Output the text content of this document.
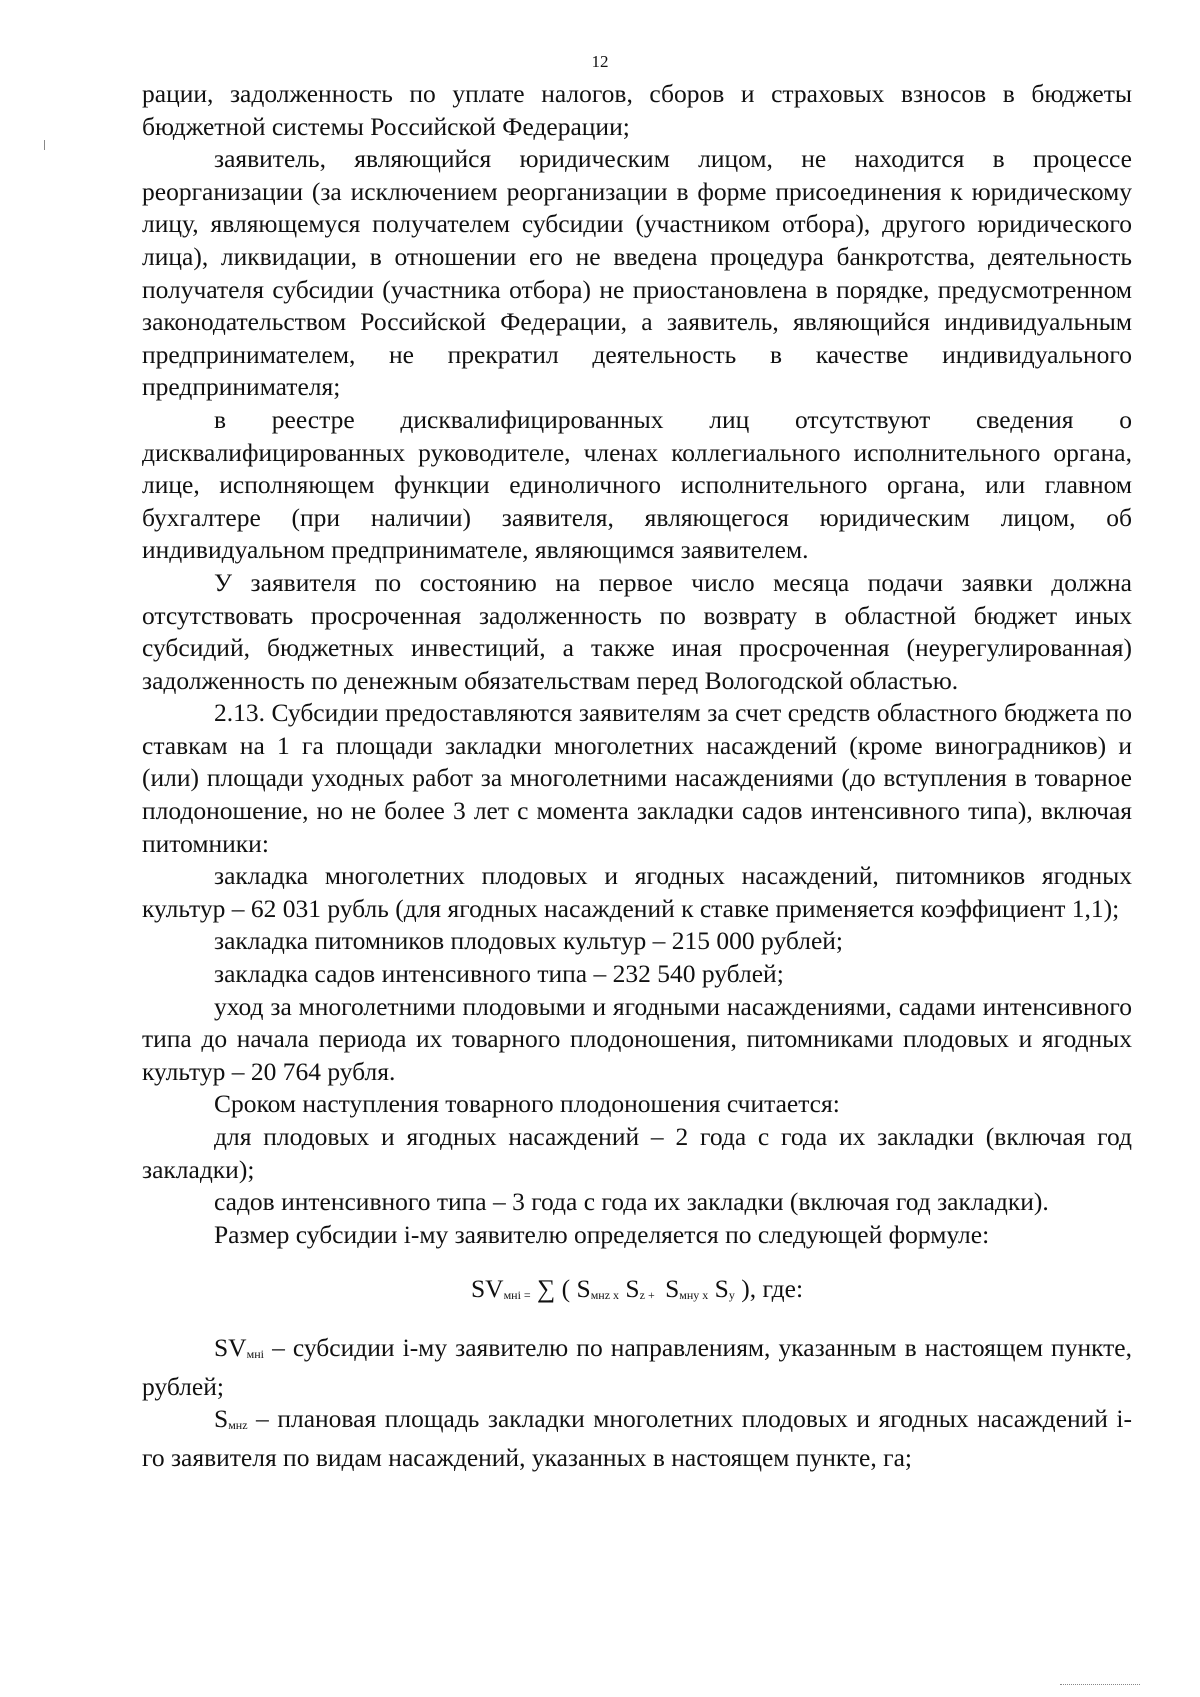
12

рации, задолженность по уплате налогов, сборов и страховых взносов в бюджеты бюджетной системы Российской Федерации;

заявитель, являющийся юридическим лицом, не находится в процессе реорганизации (за исключением реорганизации в форме присоединения к юридическому лицу, являющемуся получателем субсидии (участником отбора), другого юридического лица), ликвидации, в отношении его не введена процедура банкротства, деятельность получателя субсидии (участника отбора) не приостановлена в порядке, предусмотренном законодательством Российской Федерации, а заявитель, являющийся индивидуальным предпринимателем, не прекратил деятельность в качестве индивидуального предпринимателя;

в реестре дисквалифицированных лиц отсутствуют сведения о дисквалифицированных руководителе, членах коллегиального исполнительного органа, лице, исполняющем функции единоличного исполнительного органа, или главном бухгалтере (при наличии) заявителя, являющегося юридическим лицом, об индивидуальном предпринимателе, являющимся заявителем.

У заявителя по состоянию на первое число месяца подачи заявки должна отсутствовать просроченная задолженность по возврату в областной бюджет иных субсидий, бюджетных инвестиций, а также иная просроченная (неурегулированная) задолженность по денежным обязательствам перед Вологодской областью.

2.13. Субсидии предоставляются заявителям за счет средств областного бюджета по ставкам на 1 га площади закладки многолетних насаждений (кроме виноградников) и (или) площади уходных работ за многолетними насаждениями (до вступления в товарное плодоношение, но не более 3 лет с момента закладки садов интенсивного типа), включая питомники:

закладка многолетних плодовых и ягодных насаждений, питомников ягодных культур – 62 031 рубль (для ягодных насаждений к ставке применяется коэффициент 1,1);

закладка питомников плодовых культур – 215 000 рублей;

закладка садов интенсивного типа – 232 540 рублей;

уход за многолетними плодовыми и ягодными насаждениями, садами интенсивного типа до начала периода их товарного плодоношения, питомниками плодовых и ягодных культур – 20 764 рубля.

Сроком наступления товарного плодоношения считается:

для плодовых и ягодных насаждений – 2 года с года их закладки (включая год закладки);

садов интенсивного типа – 3 года с года их закладки (включая год закладки).

Размер субсидии i-му заявителю определяется по следующей формуле:

$SV_{мнi}$ $_=$ ∑ ( $S_{мнz}$ $_x$ $S_z$ $_+$ $S_{мну}$ $_x$ $S_y$ ), где:

$SV_{мнi}$ – субсидии i-му заявителю по направлениям, указанным в настоящем пункте, рублей;

$S_{мнz}$ – плановая площадь закладки многолетних плодовых и ягодных насаждений i-го заявителя по видам насаждений, указанных в настоящем пункте, га;
